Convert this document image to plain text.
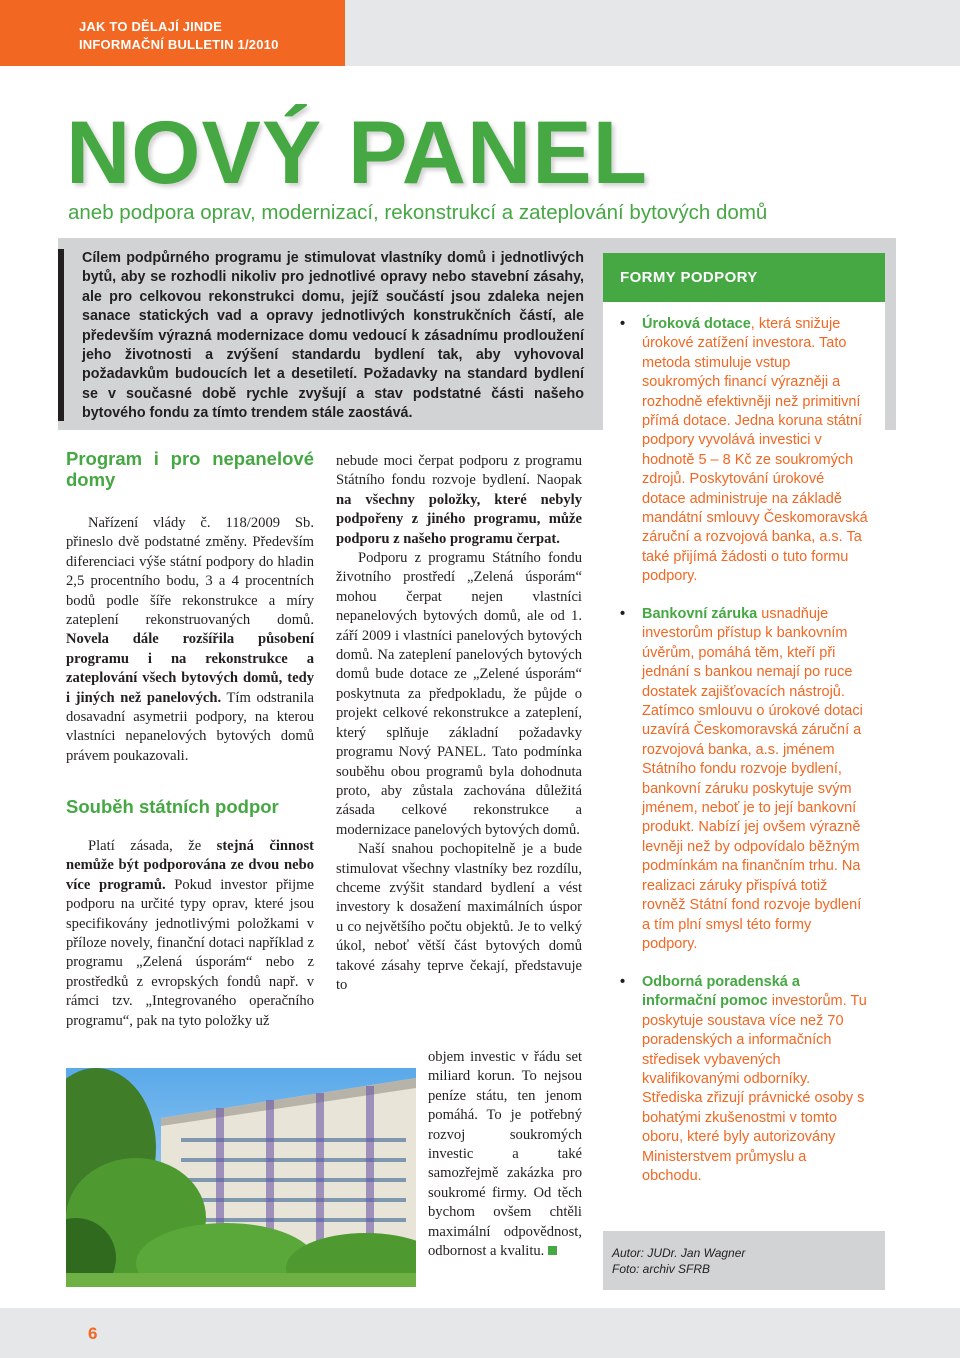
JAK TO DĚLAJÍ JINDE
INFORMAČNÍ BULLETIN 1/2010
NOVÝ PANEL
aneb podpora oprav, modernizací, rekonstrukcí a zateplování bytových domů

Cílem podpůrného programu je stimulovat vlastníky domů i jednotlivých bytů, aby se rozhodli nikoliv pro jednotlivé opravy nebo stavební zásahy, ale pro celkovou rekonstrukci domu, jejíž součástí jsou zdaleka nejen sanace statických vad a opravy jednotlivých konstrukčních částí, ale především výrazná modernizace domu vedoucí k zásadnímu prodloužení jeho životnosti a zvýšení standardu bydlení tak, aby vyhovoval požadavkům budoucích let a desetiletí. Požadavky na standard bydlení se v současné době rychle zvyšují a stav podstatné části našeho bytového fondu za tímto trendem stále zaostává.

Program i pro nepanelové domy

Nařízení vlády č. 118/2009 Sb. přineslo dvě podstatné změny. Především diferenciaci výše státní podpory do hladin 2,5 procentního bodu, 3 a 4 procentních bodů podle šíře rekonstrukce a míry zateplení rekonstruovaných domů. Novela dále rozšířila působení programu i na rekonstrukce a zateplování všech bytových domů, tedy i jiných než panelových. Tím odstranila dosavadní asymetrii podpory, na kterou vlastníci nepanelových bytových domů právem poukazovali.

Souběh státních podpor

Platí zásada, že stejná činnost nemůže být podporována ze dvou nebo více programů. Pokud investor přijme podporu na určité typy oprav, které jsou specifikovány jednotlivými položkami v příloze novely, finanční dotaci například z programu „Zelená úsporám“ nebo z prostředků z evropských fondů např. v rámci tzv. „Integrovaného operačního programu“, pak na tyto položky už

nebude moci čerpat podporu z programu Státního fondu rozvoje bydlení. Naopak na všechny položky, které nebyly podpořeny z jiného programu, může podporu z našeho programu čerpat.

Podporu z programu Státního fondu životního prostředí „Zelená úsporám“ mohou čerpat nejen vlastníci nepanelových bytových domů, ale od 1. září 2009 i vlastníci panelových bytových domů. Na zateplení panelových bytových domů bude dotace ze „Zelené úsporám“ poskytnuta za předpokladu, že půjde o projekt celkové rekonstrukce a zateplení, který splňuje základní požadavky programu Nový PANEL. Tato podmínka souběhu obou programů byla dohodnuta proto, aby zůstala zachována důležitá zásada celkové rekonstrukce a modernizace panelových bytových domů.

Naší snahou pochopitelně je a bude stimulovat všechny vlastníky bez rozdílu, chceme zvýšit standard bydlení a vést investory k dosažení maximálních úspor u co největšího počtu objektů. Je to velký úkol, neboť větší část bytových domů takové zásahy teprve čekají, představuje to

objem investic v řádu set miliard korun. To nejsou peníze státu, ten jenom pomáhá. To je potřebný rozvoj soukromých investic a také samozřejmě zakázka pro soukromé firmy. Od těch bychom ovšem chtěli maximální odpovědnost, odbornost a kvalitu.

FORMY PODPORY
• Úroková dotace, která snižuje úrokové zatížení investora. Tato metoda stimuluje vstup soukromých financí výrazněji a rozhodně efektivněji než primitivní přímá dotace. Jedna koruna státní podpory vyvolává investici v hodnotě 5 – 8 Kč ze soukromých zdrojů. Poskytování úrokové dotace administruje na základě mandátní smlouvy Českomoravská záruční a rozvojová banka, a.s. Ta také přijímá žádosti o tuto formu podpory.
• Bankovní záruka usnadňuje investorům přístup k bankovním úvěrům, pomáhá těm, kteří při jednání s bankou nemají po ruce dostatek zajišťovacích nástrojů. Zatímco smlouvu o úrokové dotaci uzavírá Českomoravská záruční a rozvojová banka, a.s. jménem Státního fondu rozvoje bydlení, bankovní záruku poskytuje svým jménem, neboť je to její bankovní produkt. Nabízí jej ovšem výrazně levněji než by odpovídalo běžným podmínkám na finančním trhu. Na realizaci záruky přispívá totiž rovněž Státní fond rozvoje bydlení a tím plní smysl této formy podpory.
• Odborná poradenská a informační pomoc investorům. Tu poskytuje soustava více než 70 poradenských a informačních středisek vybavených kvalifikovanými odborníky. Střediska zřizují právnické osoby s bohatými zkušenostmi v tomto oboru, které byly autorizovány Ministerstvem průmyslu a obchodu.
Autor: JUDr. Jan Wagner
Foto: archiv SFRB
6
